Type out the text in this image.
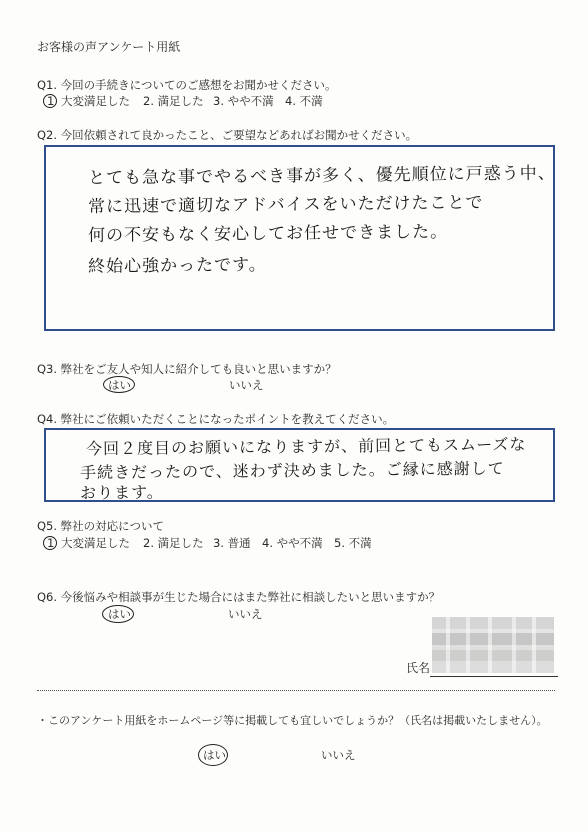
お客様の声アンケート用紙
Q1. 今回の手続きについてのご感想をお聞かせください。
1 大変満足した 2. 満足した 3. やや不満 4. 不満
Q2. 今回依頼されて良かったこと、ご要望などあればお聞かせください。
とても急な事でやるべき事が多く、優先順位に戸惑う中、
常に迅速で適切なアドバイスをいただけたことで
何の不安もなく安心してお任せできました。
終始心強かったです。
Q3. 弊社をご友人や知人に紹介しても良いと思いますか？
はい	いいえ
Q4. 弊社にご依頼いただくことになったポイントを教えてください。
今回２度目のお願いになりますが、前回とてもスムーズな
手続きだったので、迷わず決めました。ご縁に感謝して
おります。
Q5. 弊社の対応について
1 大変満足した 2. 満足した 3. 普通 4. やや不満 5. 不満
Q6. 今後悩みや相談事が生じた場合にはまた弊社に相談したいと思いますか？
はい	いいえ
氏名
・このアンケート用紙をホームページ等に掲載しても宜しいでしょうか？（氏名は掲載いたしません）。
はい	いいえ
